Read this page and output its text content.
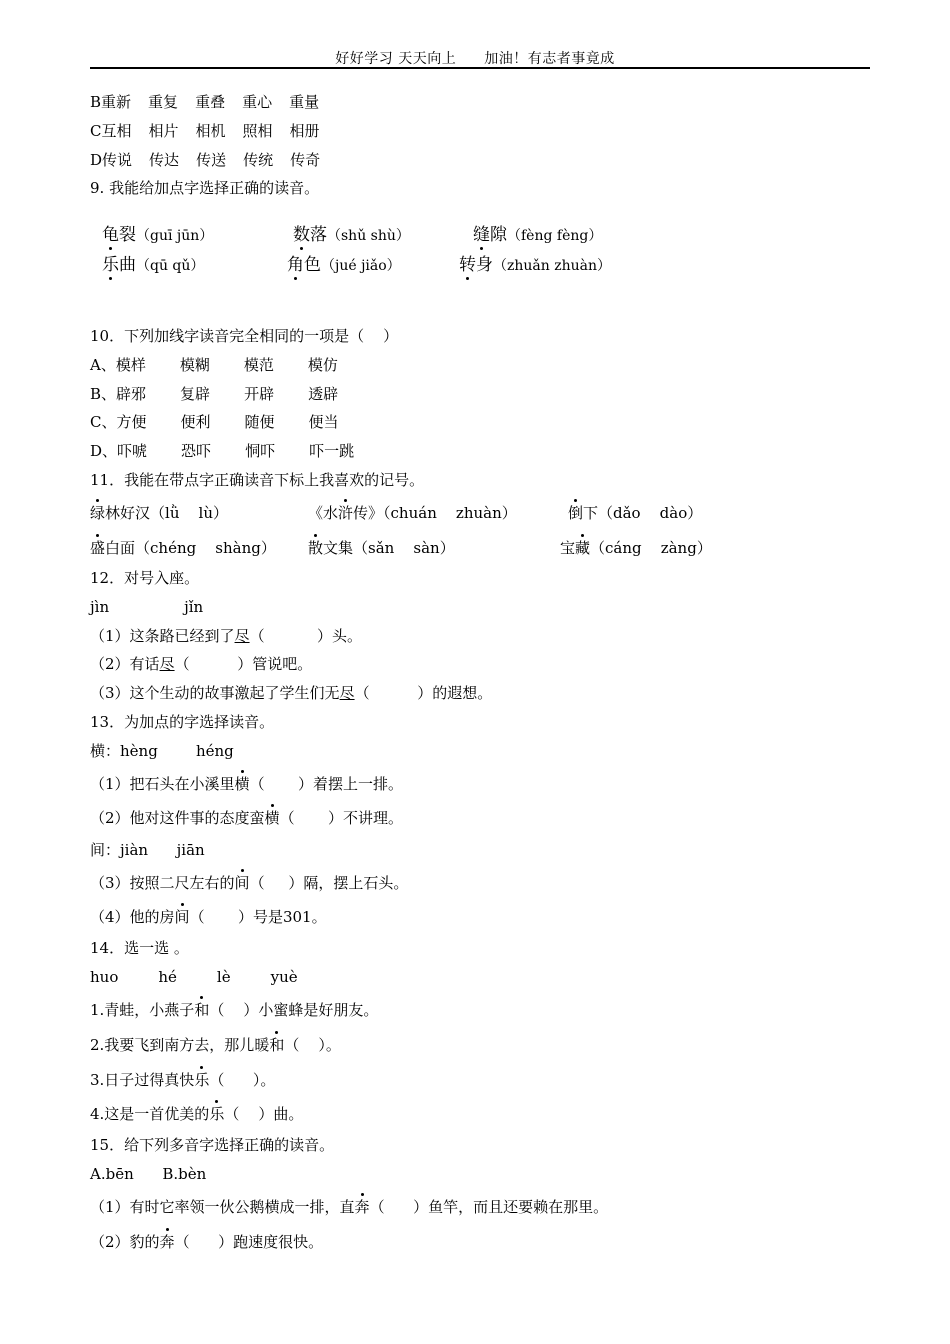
好好学习 天天向上 加油！有志者事竟成
B重新 重复 重叠 重心 重量
C互相 相片 相机 照相 相册
D传说 传达 传送 传统 传奇
9. 我能给加点字选择正确的读音。
龟裂（guī jūn）	数落（shǔ shù）	缝隙（fèng fèng）
乐曲（qū qǔ）	角色（jué jiǎo）	转身（zhuǎn zhuàn）
10．下列加线字读音完全相同的一项是（    ）
A、模样 模糊 模范 模仿
B、辟邪 复辟 开辟 透辟
C、方便 便利 随便 便当
D、吓唬 恐吓 恫吓 吓一跳
11．我能在带点字正确读音下标上我喜欢的记号。
绿林好汉（lǜ    lù）	《水浒传》（chuán    zhuàn）	倒下（dǎo    dào）
盛白面（chéng    shàng） 散文集（sǎn    sàn）	宝藏（cáng    zàng）
12．对号入座。
jìn	jǐn
（1）这条路已经到了尽（           ）头。
（2）有话尽（          ）管说吧。
（3）这个生动的故事激起了学生们无尽（          ）的遐想。
13．为加点的字选择读音。
横：hèng        héng
（1）把石头在小溪里横（       ）着摆上一排。
（2）他对这件事的态度蛮横（       ）不讲理。
间：jiàn      jiān
（3）按照二尺左右的间（     ）隔，摆上石头。
（4）他的房间（       ）号是301。
14．选一选 。
huo	hé	lè	yuè
1.青蛙，小燕子和（    ）小蜜蜂是好朋友。
2.我要飞到南方去，那儿暖和（    ）。
3.日子过得真快乐（      ）。
4.这是一首优美的乐（    ）曲。
15．给下列多音字选择正确的读音。
A.bēn      B.bèn
（1）有时它率领一伙公鹅横成一排，直奔（      ）鱼竿，而且还要赖在那里。
（2）豹的奔（      ）跑速度很快。
